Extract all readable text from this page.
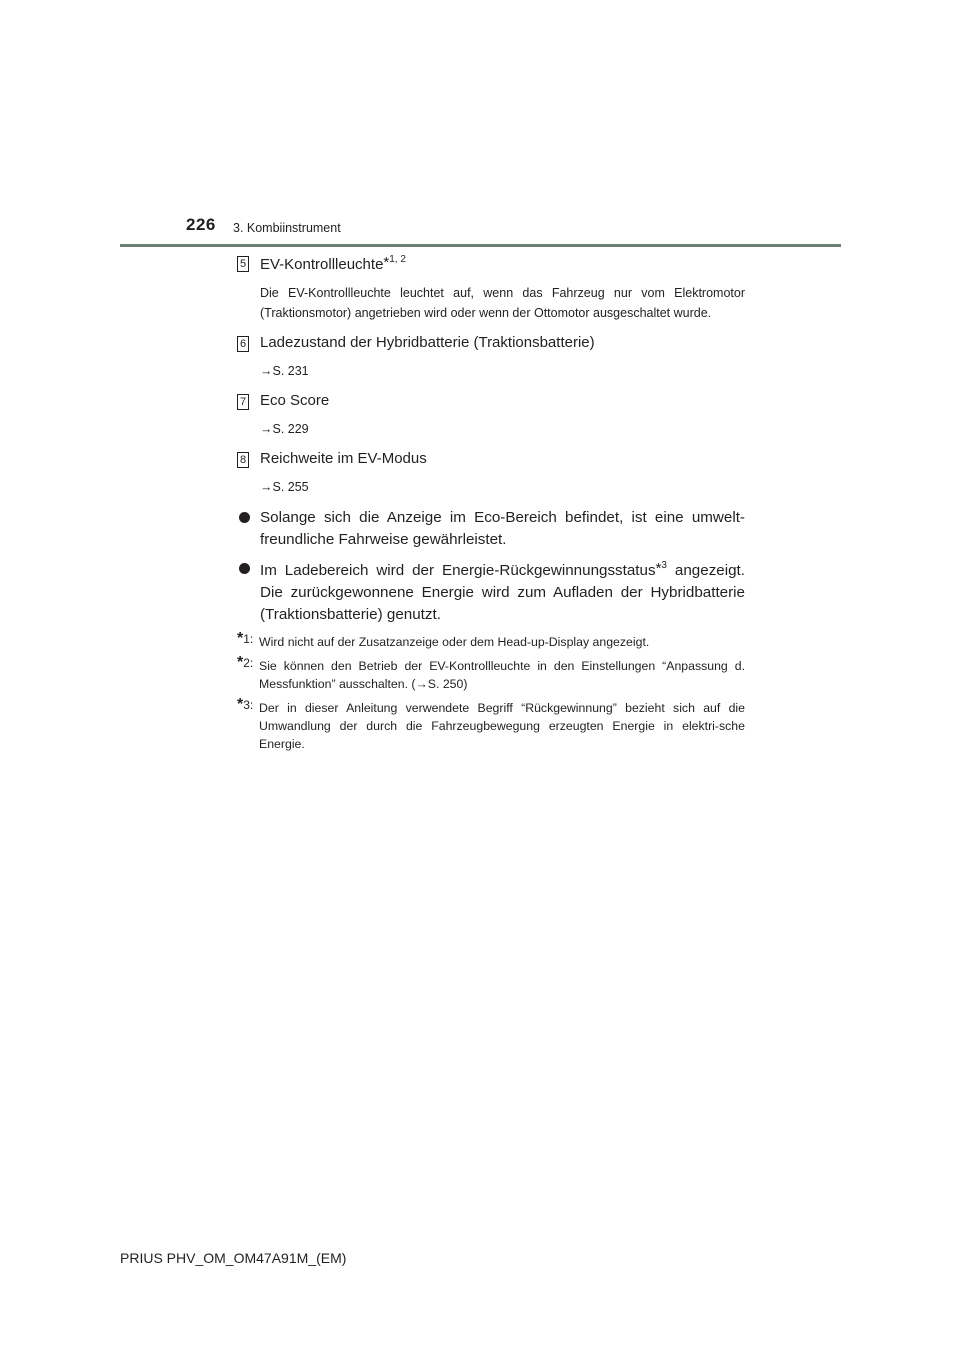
226 3. Kombiinstrument
5 EV-Kontrollleuchte*$^{1, 2}$
Die EV-Kontrollleuchte leuchtet auf, wenn das Fahrzeug nur vom Elektromotor (Traktionsmotor) angetrieben wird oder wenn der Ottomotor ausgeschaltet wurde.
6 Ladezustand der Hybridbatterie (Traktionsbatterie)
→S. 231
7 Eco Score
→S. 229
8 Reichweite im EV-Modus
→S. 255
Solange sich die Anzeige im Eco-Bereich befindet, ist eine umwelt-freundliche Fahrweise gewährleistet.
Im Ladebereich wird der Energie-Rückgewinnungsstatus*$^3$ angezeigt. Die zurückgewonnene Energie wird zum Aufladen der Hybridbatterie (Traktionsbatterie) genutzt.
*1: Wird nicht auf der Zusatzanzeige oder dem Head-up-Display angezeigt.
*2: Sie können den Betrieb der EV-Kontrollleuchte in den Einstellungen “Anpassung d. Messfunktion” ausschalten. (→S. 250)
*3: Der in dieser Anleitung verwendete Begriff “Rückgewinnung” bezieht sich auf die Umwandlung der durch die Fahrzeugbewegung erzeugten Energie in elektri-sche Energie.
PRIUS PHV_OM_OM47A91M_(EM)
